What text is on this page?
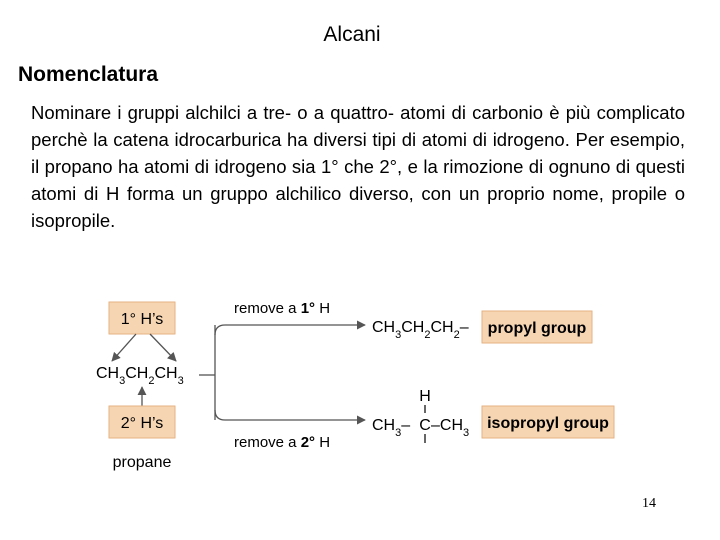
Alcani
Nomenclatura
Nominare i gruppi alchilci a tre- o a quattro- atomi di carbonio è più complicato perchè la catena idrocarburica ha diversi tipi di atomi di idrogeno. Per esempio, il propano ha atomi di idrogeno sia 1° che 2°, e la rimozione di ognuno di questi atomi di H forma un gruppo alchilico diverso, con un proprio nome, propile o isopropile.
1° H’s
$CH_3CH_2CH_3$
2° H’s
propane
remove a 1° H
remove a 2° H
$CH_3CH_2CH_2-$ propyl group
H
$CH_3-$ C $-CH_3$
isopropyl group
14
